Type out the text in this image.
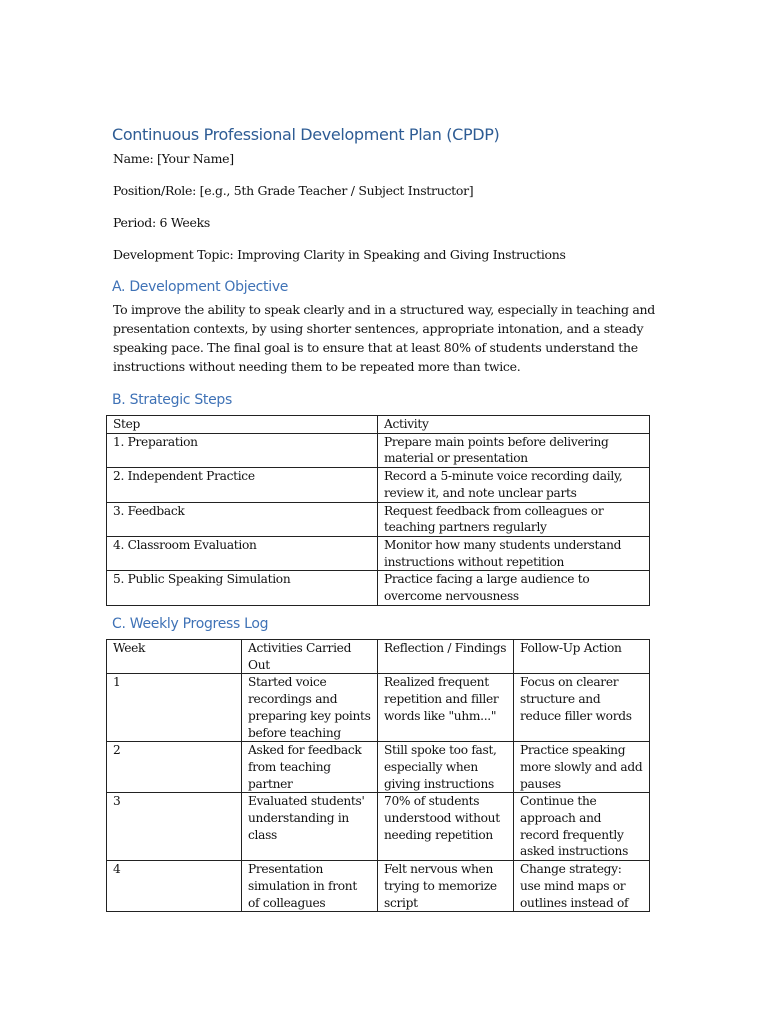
Continuous Professional Development Plan (CPDP)

Name: [Your Name]

Position/Role: [e.g., 5th Grade Teacher / Subject Instructor]

Period: 6 Weeks

Development Topic: Improving Clarity in Speaking and Giving Instructions

A. Development Objective

To improve the ability to speak clearly and in a structured way, especially in teaching and presentation contexts, by using shorter sentences, appropriate intonation, and a steady speaking pace. The final goal is to ensure that at least 80% of students understand the instructions without needing them to be repeated more than twice.

B. Strategic Steps
Step	Activity
1. Preparation	Prepare main points before delivering material or presentation
2. Independent Practice	Record a 5-minute voice recording daily, review it, and note unclear parts
3. Feedback	Request feedback from colleagues or teaching partners regularly
4. Classroom Evaluation	Monitor how many students understand instructions without repetition
5. Public Speaking Simulation	Practice facing a large audience to overcome nervousness
C. Weekly Progress Log
Week	Activities Carried Out	Reflection / Findings	Follow-Up Action
1	Started voice recordings and preparing key points before teaching	Realized frequent repetition and filler words like "uhm..."	Focus on clearer structure and reduce filler words
2	Asked for feedback from teaching partner	Still spoke too fast, especially when giving instructions	Practice speaking more slowly and add pauses
3	Evaluated students' understanding in class	70% of students understood without needing repetition	Continue the approach and record frequently asked instructions
4	Presentation simulation in front of colleagues	Felt nervous when trying to memorize script	Change strategy: use mind maps or outlines instead of
